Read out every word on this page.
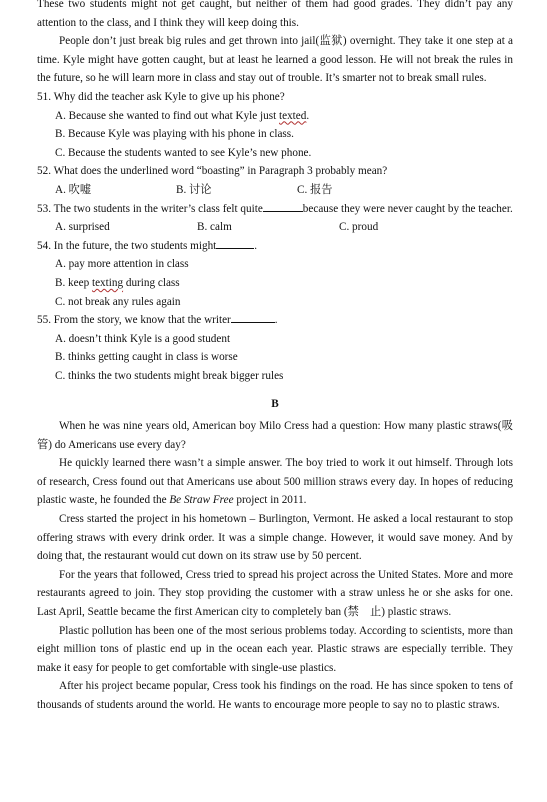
These two students might not get caught, but neither of them had good grades. They didn’t pay any attention to the class, and I think they will keep doing this.

People don’t just break big rules and get thrown into jail(监狱) overnight. They take it one step at a time. Kyle might have gotten caught, but at least he learned a good lesson. He will not break the rules in the future, so he will learn more in class and stay out of trouble. It’s smarter not to break small rules.

51. Why did the teacher ask Kyle to give up his phone?

A. Because she wanted to find out what Kyle just texted.

B. Because Kyle was playing with his phone in class.

C. Because the students wanted to see Kyle’s new phone.

52. What does the underlined word “boasting” in Paragraph 3 probably mean?

A. 吹嘘	B. 讨论	C. 报告

53. The two students in the writer’s class felt quite	because they were never caught by the teacher.

A. surprised	B. calm	C. proud

54. In the future, the two students might	.

A. pay more attention in class

B. keep texting during class

C. not break any rules again

55. From the story, we know that the writer	.

A. doesn’t think Kyle is a good student

B. thinks getting caught in class is worse

C. thinks the two students might break bigger rules

B

When he was nine years old, American boy Milo Cress had a question: How many plastic straws(吸管) do Americans use every day?

He quickly learned there wasn’t a simple answer. The boy tried to work it out himself. Through lots of research, Cress found out that Americans use about 500 million straws every day. In hopes of reducing plastic waste, he founded the Be Straw Free project in 2011.

Cress started the project in his hometown – Burlington, Vermont. He asked a local restaurant to stop offering straws with every drink order. It was a simple change. However, it would save money. And by doing that, the restaurant would cut down on its straw use by 50 percent.

For the years that followed, Cress tried to spread his project across the United States. More and more restaurants agreed to join. They stop providing the customer with a straw unless he or she asks for one. Last April, Seattle became the first American city to completely ban (禁　止) plastic straws.

Plastic pollution has been one of the most serious problems today. According to scientists, more than eight million tons of plastic end up in the ocean each year. Plastic straws are especially terrible. They make it easy for people to get comfortable with single-use plastics.

After his project became popular, Cress took his findings on the road. He has since spoken to tens of thousands of students around the world. He wants to encourage more people to say no to plastic straws.
